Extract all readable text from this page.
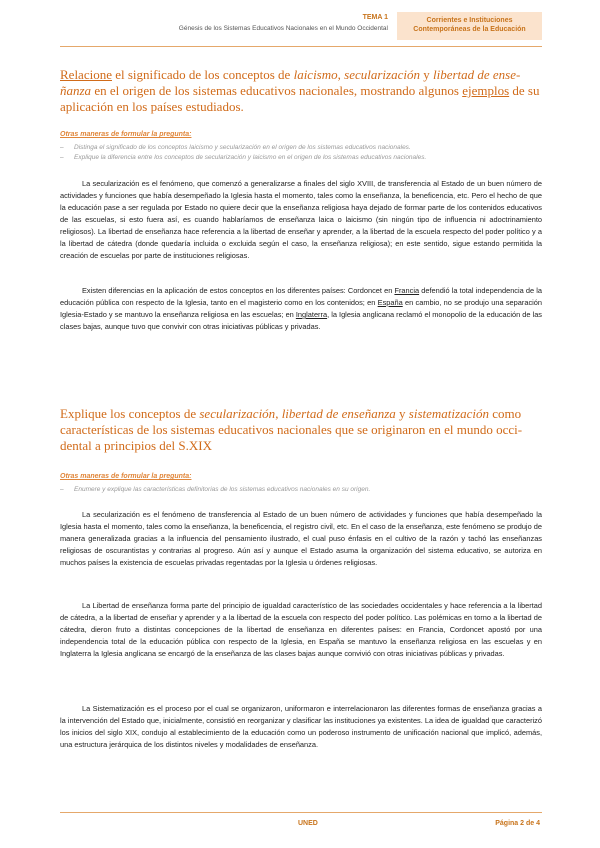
TEMA 1
Génesis de los Sistemas Educativos Nacionales en el Mundo Occidental
Corrientes e Instituciones
Contemporáneas de la Educación
Relacione el significado de los conceptos de laicismo, secularización y libertad de ense-ñanza en el origen de los sistemas educativos nacionales, mostrando algunos ejemplos de su aplicación en los países estudiados.
Otras maneras de formular la pregunta:
– Distinga el significado de los conceptos laicismo y secularización en el origen de los sistemas educativos nacionales.
– Explique la diferencia entre los conceptos de secularización y laicismo en el origen de los sistemas educativos nacionales.

La secularización es el fenómeno, que comenzó a generalizarse a finales del siglo XVIII, de transferencia al Estado de un buen número de actividades y funciones que había desempeñado la Iglesia hasta el momento, tales como la enseñanza, la beneficencia, etc. Pero el hecho de que la educación pase a ser regulada por Estado no quiere decir que la enseñanza religiosa haya dejado de formar parte de los contenidos educativos de las escuelas, si esto fuera así, es cuando hablaríamos de enseñanza laica o laicismo (sin ningún tipo de influencia ni adoctrinamiento religiosos). La libertad de enseñanza hace referencia a la libertad de enseñar y aprender, a la libertad de la escuela respecto del poder político y a la libertad de cátedra (donde quedaría incluida o excluida según el caso, la enseñanza religiosa); en este sentido, sigue estando permitida la creación de escuelas por parte de instituciones religiosas.

Existen diferencias en la aplicación de estos conceptos en los diferentes países: Cordoncet en Francia defendió la total independencia de la educación pública con respecto de la Iglesia, tanto en el magisterio como en los contenidos; en España en cambio, no se produjo una separación Iglesia-Estado y se mantuvo la enseñanza religiosa en las escuelas; en Inglaterra, la Iglesia anglicana reclamó el monopolio de la educación de las clases bajas, aunque tuvo que convivir con otras iniciativas públicas y privadas.

Explique los conceptos de secularización, libertad de enseñanza y sistematización como características de los sistemas educativos nacionales que se originaron en el mundo occi-dental a principios del S.XIX
Otras maneras de formular la pregunta:
– Enumere y explique las características definitorias de los sistemas educativos nacionales en su origen.

La secularización es el fenómeno de transferencia al Estado de un buen número de actividades y funciones que había desempeñado la Iglesia hasta el momento, tales como la enseñanza, la beneficencia, el registro civil, etc. En el caso de la enseñanza, este fenómeno se produjo de manera generalizada gracias a la influencia del pensamiento ilustrado, el cual puso énfasis en el cultivo de la razón y tachó las enseñanzas religiosas de oscurantistas y contrarias al progreso. Aún así y aunque el Estado asuma la organización del sistema educativo, se autoriza en muchos países la existencia de escuelas privadas regentadas por la Iglesia u órdenes religiosas.

La Libertad de enseñanza forma parte del principio de igualdad característico de las sociedades occidentales y hace referencia a la libertad de cátedra, a la libertad de enseñar y aprender y a la libertad de la escuela con respecto del poder político. Las polémicas en torno a la libertad de cátedra, dieron fruto a distintas concepciones de la libertad de enseñanza en diferentes países: en Francia, Cordoncet apostó por una independencia total de la educación pública con respecto de la Iglesia, en España se mantuvo la enseñanza religiosa en las escuelas y en Inglaterra la Iglesia anglicana se encargó de la enseñanza de las clases bajas aunque convivió con otras iniciativas públicas y privadas.

La Sistematización es el proceso por el cual se organizaron, uniformaron e interrelacionaron las diferentes formas de enseñanza gracias a la intervención del Estado que, inicialmente, consistió en reorganizar y clasificar las instituciones ya existentes. La idea de igualdad que caracterizó los inicios del siglo XIX, condujo al establecimiento de la educación como un poderoso instrumento de unificación nacional que implicó, además, una estructura jerárquica de los distintos niveles y modalidades de enseñanza.

UNED	Página 2 de 4
